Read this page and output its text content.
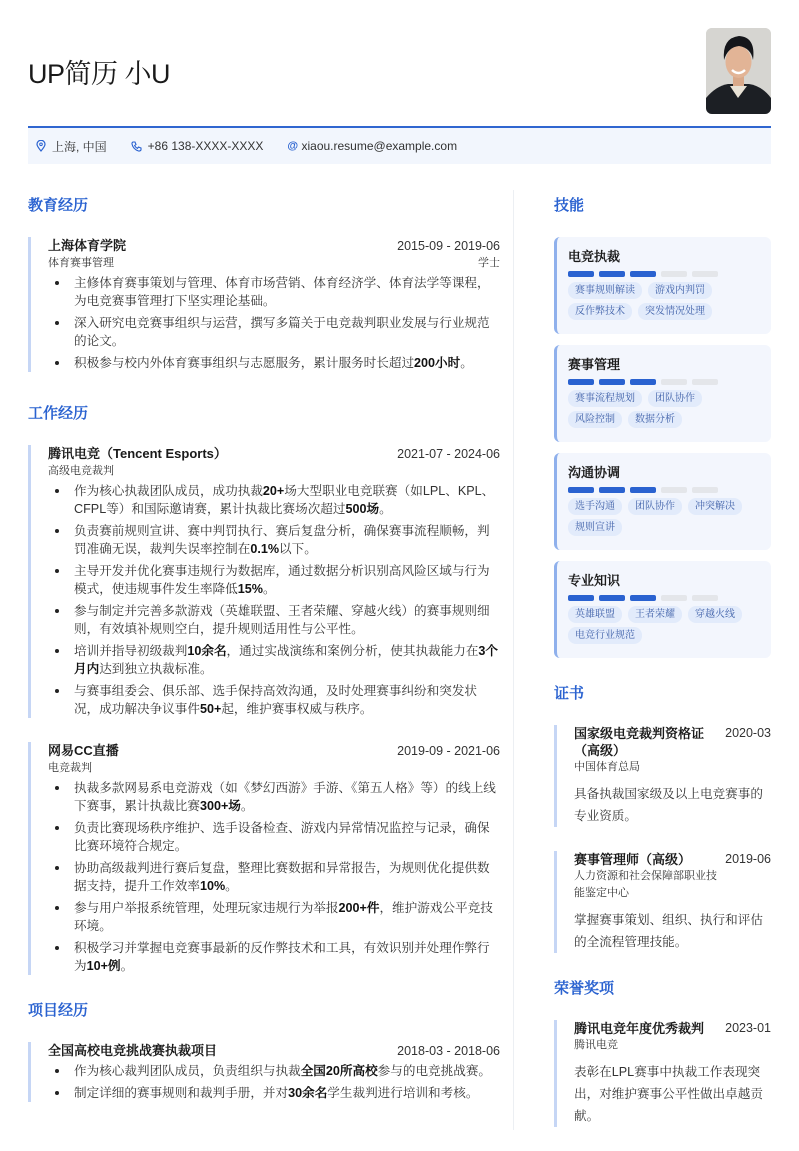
UP简历 小U
上海, 中国	+86 138-XXXX-XXXX @
xiaou.resume@example.com
教育经历
上海体育学院	2015-09 - 2019-06
体育赛事管理	学士
主修体育赛事策划与管理、体育市场营销、体育经济学、体育法学等课程，为电竞赛事管理打下坚实理论基础。
深入研究电竞赛事组织与运营，撰写多篇关于电竞裁判职业发展与行业规范的论文。
积极参与校内外体育赛事组织与志愿服务，累计服务时长超过200小时。
工作经历
腾讯电竞（Tencent Esports）	2021-07 - 2024-06
高级电竞裁判
作为核心执裁团队成员，成功执裁20+场大型职业电竞联赛（如LPL、KPL、CFPL等）和国际邀请赛，累计执裁比赛场次超过500场。
负责赛前规则宣讲、赛中判罚执行、赛后复盘分析，确保赛事流程顺畅，判罚准确无误，裁判失误率控制在0.1%以下。
主导开发并优化赛事违规行为数据库，通过数据分析识别高风险区域与行为模式，使违规事件发生率降低15%。
参与制定并完善多款游戏（英雄联盟、王者荣耀、穿越火线）的赛事规则细则，有效填补规则空白，提升规则适用性与公平性。
培训并指导初级裁判10余名，通过实战演练和案例分析，使其执裁能力在3个月内达到独立执裁标准。
与赛事组委会、俱乐部、选手保持高效沟通，及时处理赛事纠纷和突发状况，成功解决争议事件50+起，维护赛事权威与秩序。
网易CC直播	2019-09 - 2021-06
电竞裁判
执裁多款网易系电竞游戏（如《梦幻西游》手游、《第五人格》等）的线上线下赛事，累计执裁比赛300+场。
负责比赛现场秩序维护、选手设备检查、游戏内异常情况监控与记录，确保比赛环境符合规定。
协助高级裁判进行赛后复盘，整理比赛数据和异常报告，为规则优化提供数据支持，提升工作效率10%。
参与用户举报系统管理，处理玩家违规行为举报200+件，维护游戏公平竞技环境。
积极学习并掌握电竞赛事最新的反作弊技术和工具，有效识别并处理作弊行为10+例。
项目经历
全国高校电竞挑战赛执裁项目	2018-03 - 2018-06
作为核心裁判团队成员，负责组织与执裁全国20所高校参与的电竞挑战赛。
制定详细的赛事规则和裁判手册，并对30余名学生裁判进行培训和考核。
技能
电竞执裁
赛事规则解读	游戏内判罚
反作弊技术	突发情况处理
赛事管理
赛事流程规划	团队协作
风险控制	数据分析
沟通协调
选手沟通	团队协作	冲突解决
规则宣讲
专业知识
英雄联盟	王者荣耀	穿越火线
电竞行业规范
证书
国家级电竞裁判资格证（高级）
2020-03
中国体育总局
具备执裁国家级及以上电竞赛事的专业资质。
赛事管理师（高级）	2019-06
人力资源和社会保障部职业技能鉴定中心
掌握赛事策划、组织、执行和评估的全流程管理技能。
荣誉奖项
腾讯电竞年度优秀裁判	2023-01
腾讯电竞
表彰在LPL赛事中执裁工作表现突出，对维护赛事公平性做出卓越贡献。
